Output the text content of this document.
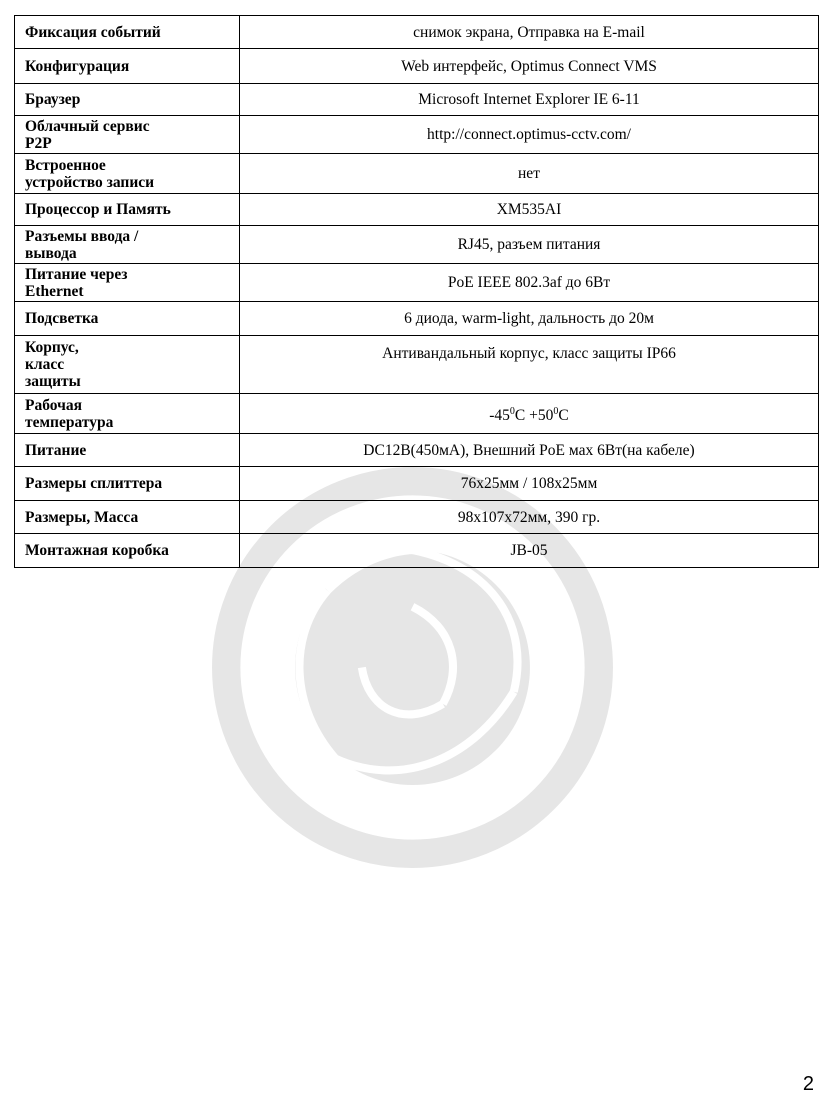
Фиксация событий	снимок экрана, Отправка на E-mail
Конфигурация	Web интерфейс, Optimus Connect VMS
Браузер	Microsoft Internet Explorer IE 6-11
Облачный сервис
P2P	http://connect.optimus-cctv.com/
Встроенное
устройство записи	нет
Процессор и Память	XM535AI
Разъемы ввода /
вывода	RJ45, разъем питания
Питание через
Ethernet	PoE IEEE 802.3af до 6Вт
Подсветка	6 диода, warm-light, дальность до 20м
Корпус,
класс
защиты	Антивандальный корпус, класс защиты IP66
Рабочая
температура	$-45^0C +50^0C$
Питание	DC12В(450мА), Внешний PoE мах 6Вт(на кабеле)
Размеры сплиттера	76х25мм / 108х25мм
Размеры, Масса	98х107х72мм, 390 гр.
Монтажная коробка	JB-05
2
